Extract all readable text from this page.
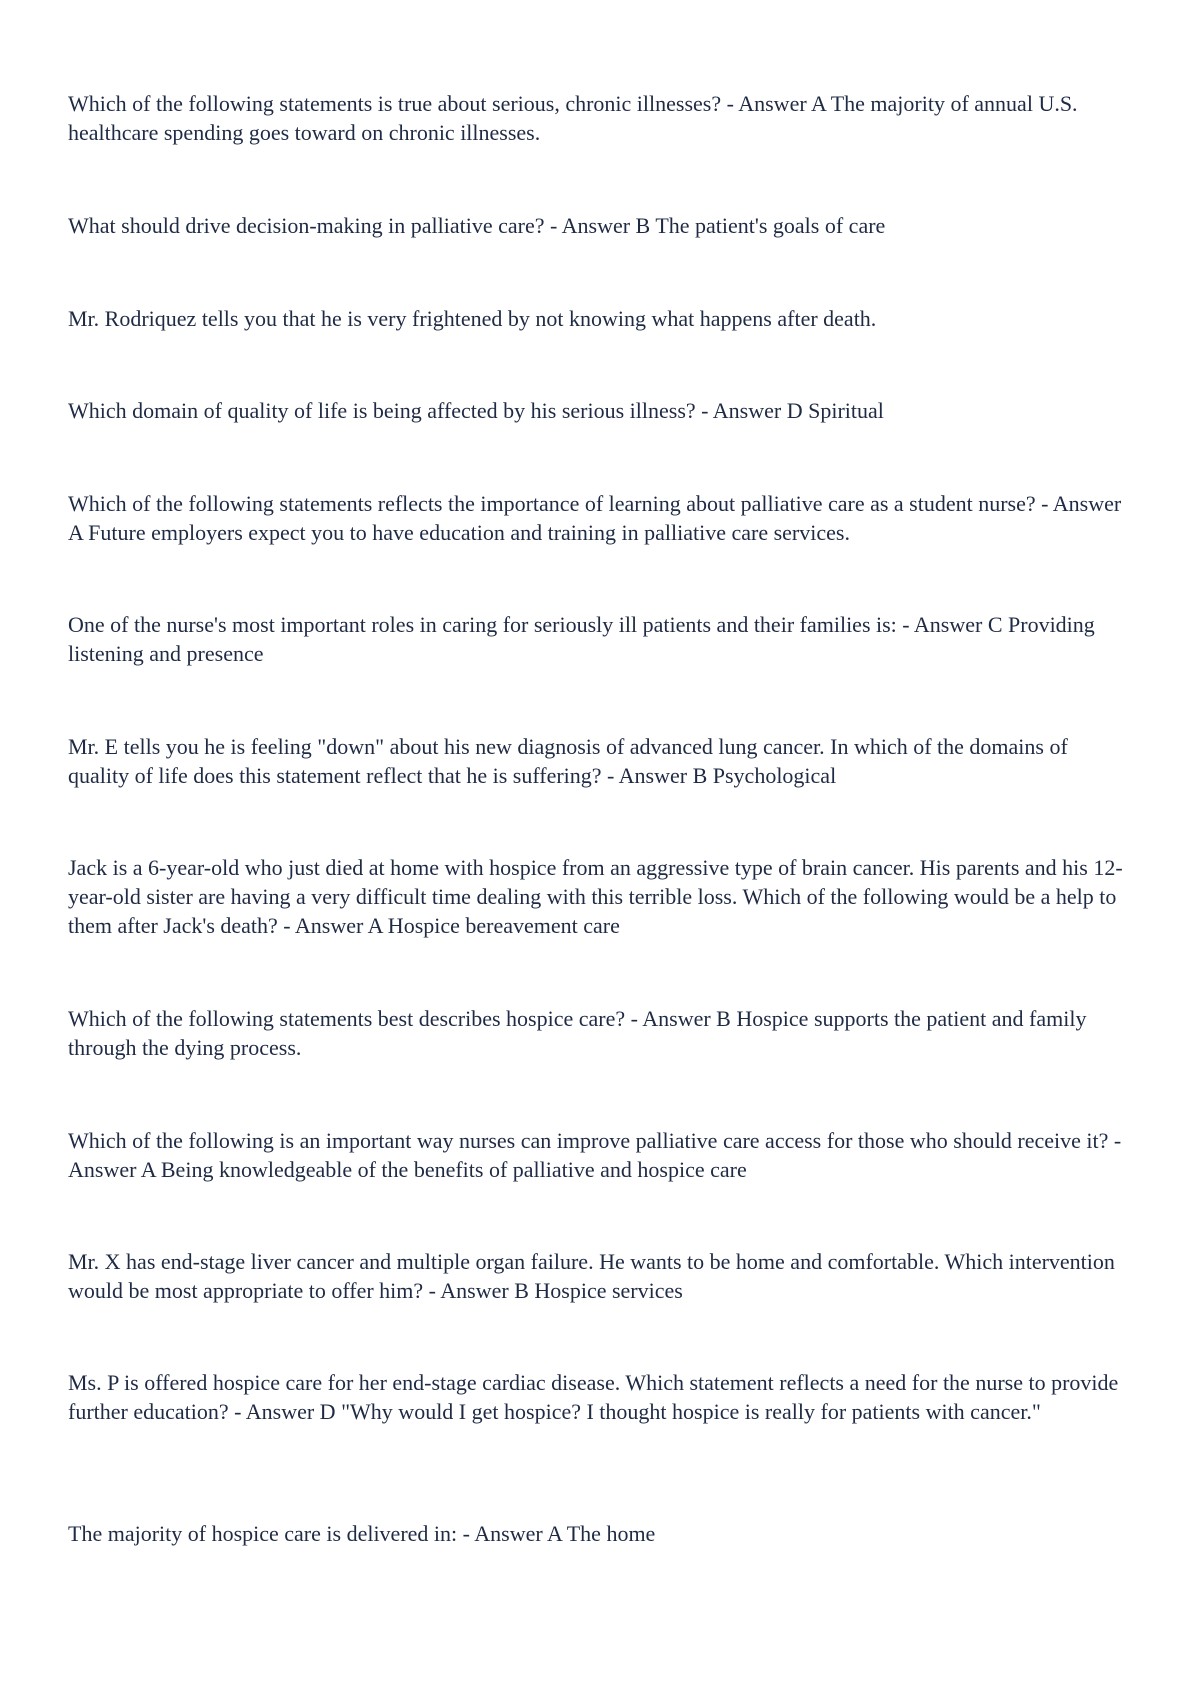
Which of the following statements is true about serious, chronic illnesses? - Answer A The majority of annual U.S. healthcare spending goes toward on chronic illnesses.

What should drive decision-making in palliative care? - Answer B The patient's goals of care

Mr. Rodriquez tells you that he is very frightened by not knowing what happens after death.

Which domain of quality of life is being affected by his serious illness? - Answer D Spiritual

Which of the following statements reflects the importance of learning about palliative care as a student nurse? - Answer A Future employers expect you to have education and training in palliative care services.

One of the nurse's most important roles in caring for seriously ill patients and their families is: - Answer C Providing listening and presence

Mr. E tells you he is feeling "down" about his new diagnosis of advanced lung cancer. In which of the domains of quality of life does this statement reflect that he is suffering? - Answer B Psychological

Jack is a 6-year-old who just died at home with hospice from an aggressive type of brain cancer. His parents and his 12-year-old sister are having a very difficult time dealing with this terrible loss. Which of the following would be a help to them after Jack's death? - Answer A Hospice bereavement care

Which of the following statements best describes hospice care? - Answer B Hospice supports the patient and family through the dying process.

Which of the following is an important way nurses can improve palliative care access for those who should receive it? - Answer A Being knowledgeable of the benefits of palliative and hospice care

Mr. X has end-stage liver cancer and multiple organ failure. He wants to be home and comfortable. Which intervention would be most appropriate to offer him? - Answer B Hospice services

Ms. P is offered hospice care for her end-stage cardiac disease. Which statement reflects a need for the nurse to provide further education? - Answer D "Why would I get hospice? I thought hospice is really for patients with cancer."

The majority of hospice care is delivered in: - Answer A The home
